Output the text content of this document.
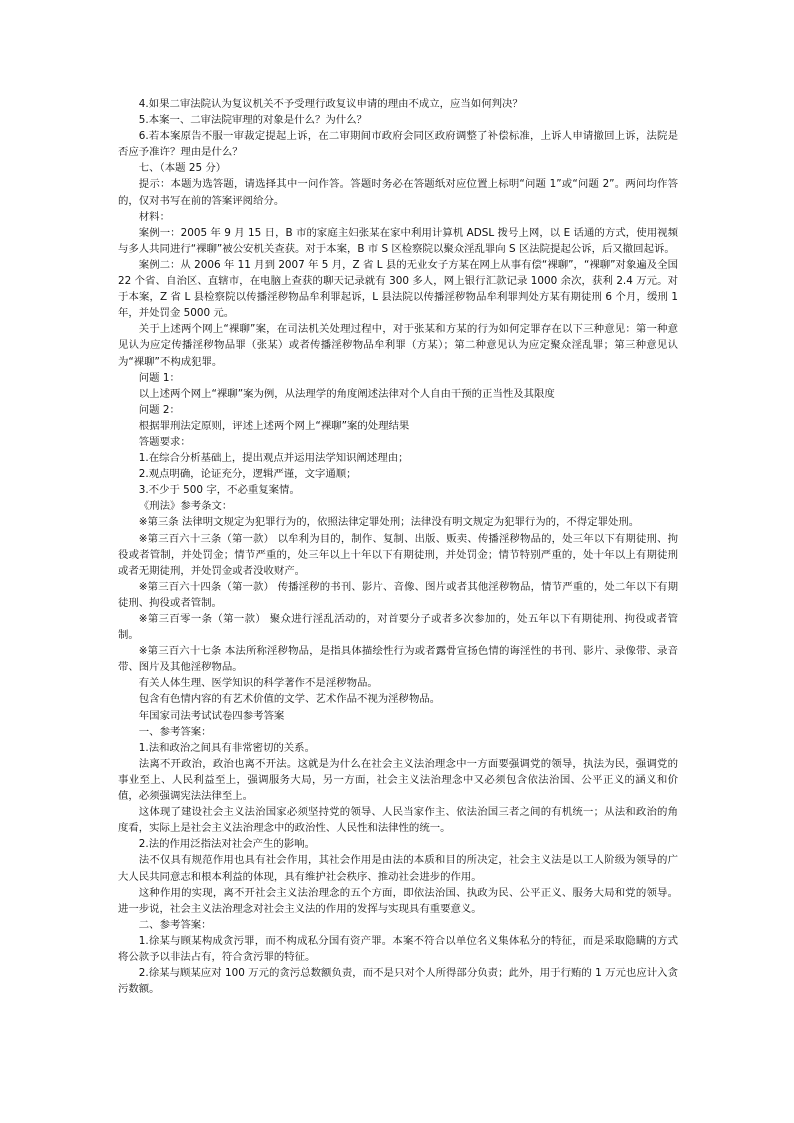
4.如果二审法院认为复议机关不予受理行政复议申请的理由不成立，应当如何判决？

5.本案一、二审法院审理的对象是什么？为什么？

6.若本案原告不服一审裁定提起上诉，在二审期间市政府会同区政府调整了补偿标准，上诉人申请撤回上诉，法院是否应予准许？理由是什么？

七、（本题 25 分）

提示：本题为选答题，请选择其中一问作答。答题时务必在答题纸对应位置上标明“问题 1”或“问题 2”。两问均作答的，仅对书写在前的答案评阅给分。

材料：

案例一：2005 年 9 月 15 日，B 市的家庭主妇张某在家中利用计算机 ADSL 拨号上网，以 E 话通的方式，使用视频与多人共同进行“裸聊”被公安机关查获。对于本案，B 市 S 区检察院以聚众淫乱罪向 S 区法院提起公诉，后又撤回起诉。

案例二：从 2006 年 11 月到 2007 年 5 月，Z 省 L 县的无业女子方某在网上从事有偿“裸聊”，“裸聊”对象遍及全国 22 个省、自治区、直辖市，在电脑上查获的聊天记录就有 300 多人，网上银行汇款记录 1000 余次，获利 2.4 万元。对于本案，Z 省 L 县检察院以传播淫秽物品牟利罪起诉，L 县法院以传播淫秽物品牟利罪判处方某有期徒刑 6 个月，缓刑 1 年，并处罚金 5000 元。

关于上述两个网上“裸聊”案，在司法机关处理过程中，对于张某和方某的行为如何定罪存在以下三种意见：第一种意见认为应定传播淫秽物品罪（张某）或者传播淫秽物品牟利罪（方某）；第二种意见认为应定聚众淫乱罪；第三种意见认为“裸聊”不构成犯罪。

问题 1：

以上述两个网上“裸聊”案为例，从法理学的角度阐述法律对个人自由干预的正当性及其限度

问题 2：

根据罪刑法定原则，评述上述两个网上“裸聊”案的处理结果

答题要求：

1.在综合分析基础上，提出观点并运用法学知识阐述理由；

2.观点明确，论证充分，逻辑严谨，文字通顺；

3.不少于 500 字，不必重复案情。

《刑法》参考条文：

※第三条 法律明文规定为犯罪行为的，依照法律定罪处刑；法律没有明文规定为犯罪行为的，不得定罪处刑。

※第三百六十三条（第一款） 以牟利为目的，制作、复制、出版、贩卖、传播淫秽物品的，处三年以下有期徒刑、拘役或者管制，并处罚金；情节严重的，处三年以上十年以下有期徒刑，并处罚金；情节特别严重的，处十年以上有期徒刑或者无期徒刑，并处罚金或者没收财产。

※第三百六十四条（第一款） 传播淫秽的书刊、影片、音像、图片或者其他淫秽物品，情节严重的，处二年以下有期徒刑、拘役或者管制。

※第三百零一条（第一款） 聚众进行淫乱活动的，对首要分子或者多次参加的，处五年以下有期徒刑、拘役或者管制。

※第三百六十七条 本法所称淫秽物品，是指具体描绘性行为或者露骨宣扬色情的诲淫性的书刊、影片、录像带、录音带、图片及其他淫秽物品。

有关人体生理、医学知识的科学著作不是淫秽物品。

包含有色情内容的有艺术价值的文学、艺术作品不视为淫秽物品。

年国家司法考试试卷四参考答案

一、参考答案：

1.法和政治之间具有非常密切的关系。

法离不开政治，政治也离不开法。这就是为什么在社会主义法治理念中一方面要强调党的领导，执法为民，强调党的事业至上、人民利益至上，强调服务大局，另一方面，社会主义法治理念中又必须包含依法治国、公平正义的涵义和价值，必须强调宪法法律至上。

这体现了建设社会主义法治国家必须坚持党的领导、人民当家作主、依法治国三者之间的有机统一；从法和政治的角度看，实际上是社会主义法治理念中的政治性、人民性和法律性的统一。

2.法的作用泛指法对社会产生的影响。

法不仅具有规范作用也具有社会作用，其社会作用是由法的本质和目的所决定，社会主义法是以工人阶级为领导的广大人民共同意志和根本利益的体现，具有维护社会秩序、推动社会进步的作用。

这种作用的实现，离不开社会主义法治理念的五个方面，即依法治国、执政为民、公平正义、服务大局和党的领导。进一步说，社会主义法治理念对社会主义法的作用的发挥与实现具有重要意义。

二、参考答案：

1.徐某与顾某构成贪污罪，而不构成私分国有资产罪。本案不符合以单位名义集体私分的特征，而是采取隐瞒的方式将公款予以非法占有，符合贪污罪的特征。

2.徐某与顾某应对 100 万元的贪污总数额负责，而不是只对个人所得部分负责；此外，用于行贿的 1 万元也应计入贪污数额。
